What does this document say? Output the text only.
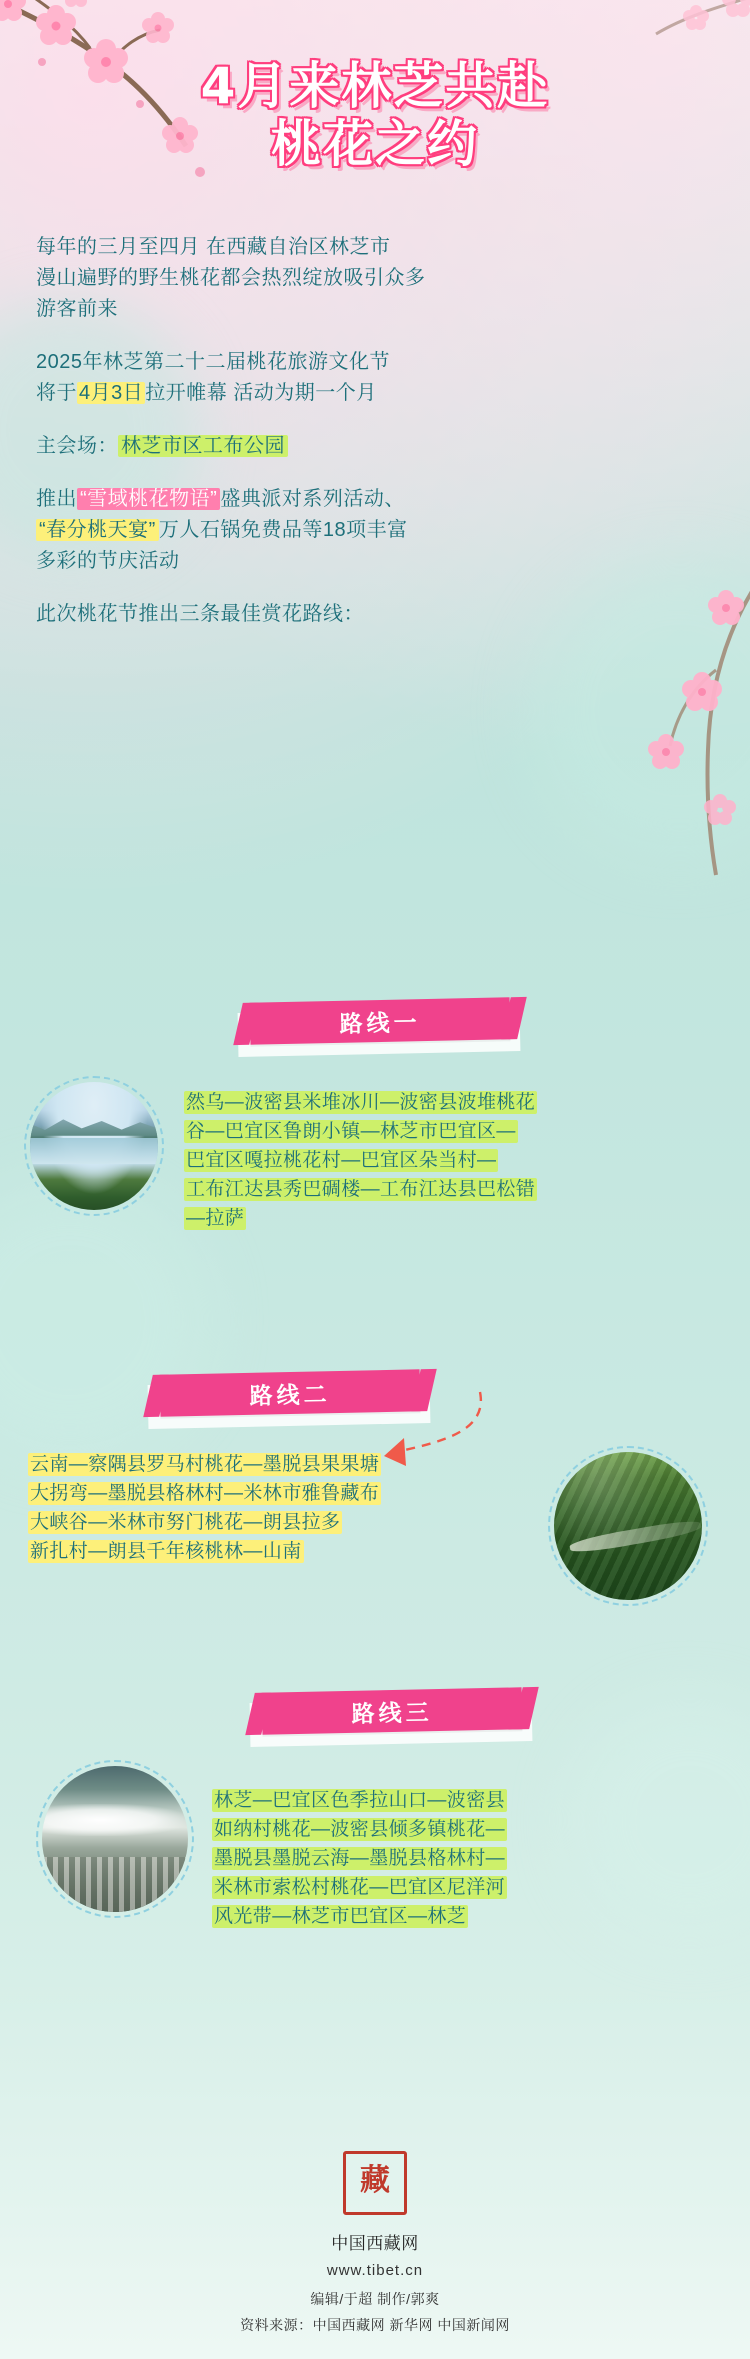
4月来林芝共赴
桃花之约
每年的三月至四月 在西藏自治区林芝市
漫山遍野的野生桃花都会热烈绽放吸引众多
游客前来
2025年林芝第二十二届桃花旅游文化节
将于 4月3日 拉开帷幕 活动为期一个月
主会场： 林芝市区工布公园
推出 “雪域桃花物语” 盛典派对系列活动、
“春分桃天宴” 万人石锅免费品等18项丰富
多彩的节庆活动
此次桃花节推出三条最佳赏花路线：
路线一
然乌—波密县米堆冰川—波密县波堆桃花
谷—巴宜区鲁朗小镇—林芝市巴宜区—
巴宜区嘎拉桃花村—巴宜区朵当村—
工布江达县秀巴碉楼—工布江达县巴松错
—拉萨
路线二
云南—察隅县罗马村桃花—墨脱县果果塘
大拐弯—墨脱县格林村—米林市雅鲁藏布
大峡谷—米林市努门桃花—朗县拉多
新扎村—朗县千年核桃林—山南
路线三
林芝—巴宜区色季拉山口—波密县
如纳村桃花—波密县倾多镇桃花—
墨脱县墨脱云海—墨脱县格林村—
米林市索松村桃花—巴宜区尼洋河
风光带—林芝市巴宜区—林芝
藏
中国西藏网
www.tibet.cn
编辑/于超 制作/郭爽
资料来源：中国西藏网 新华网 中国新闻网
